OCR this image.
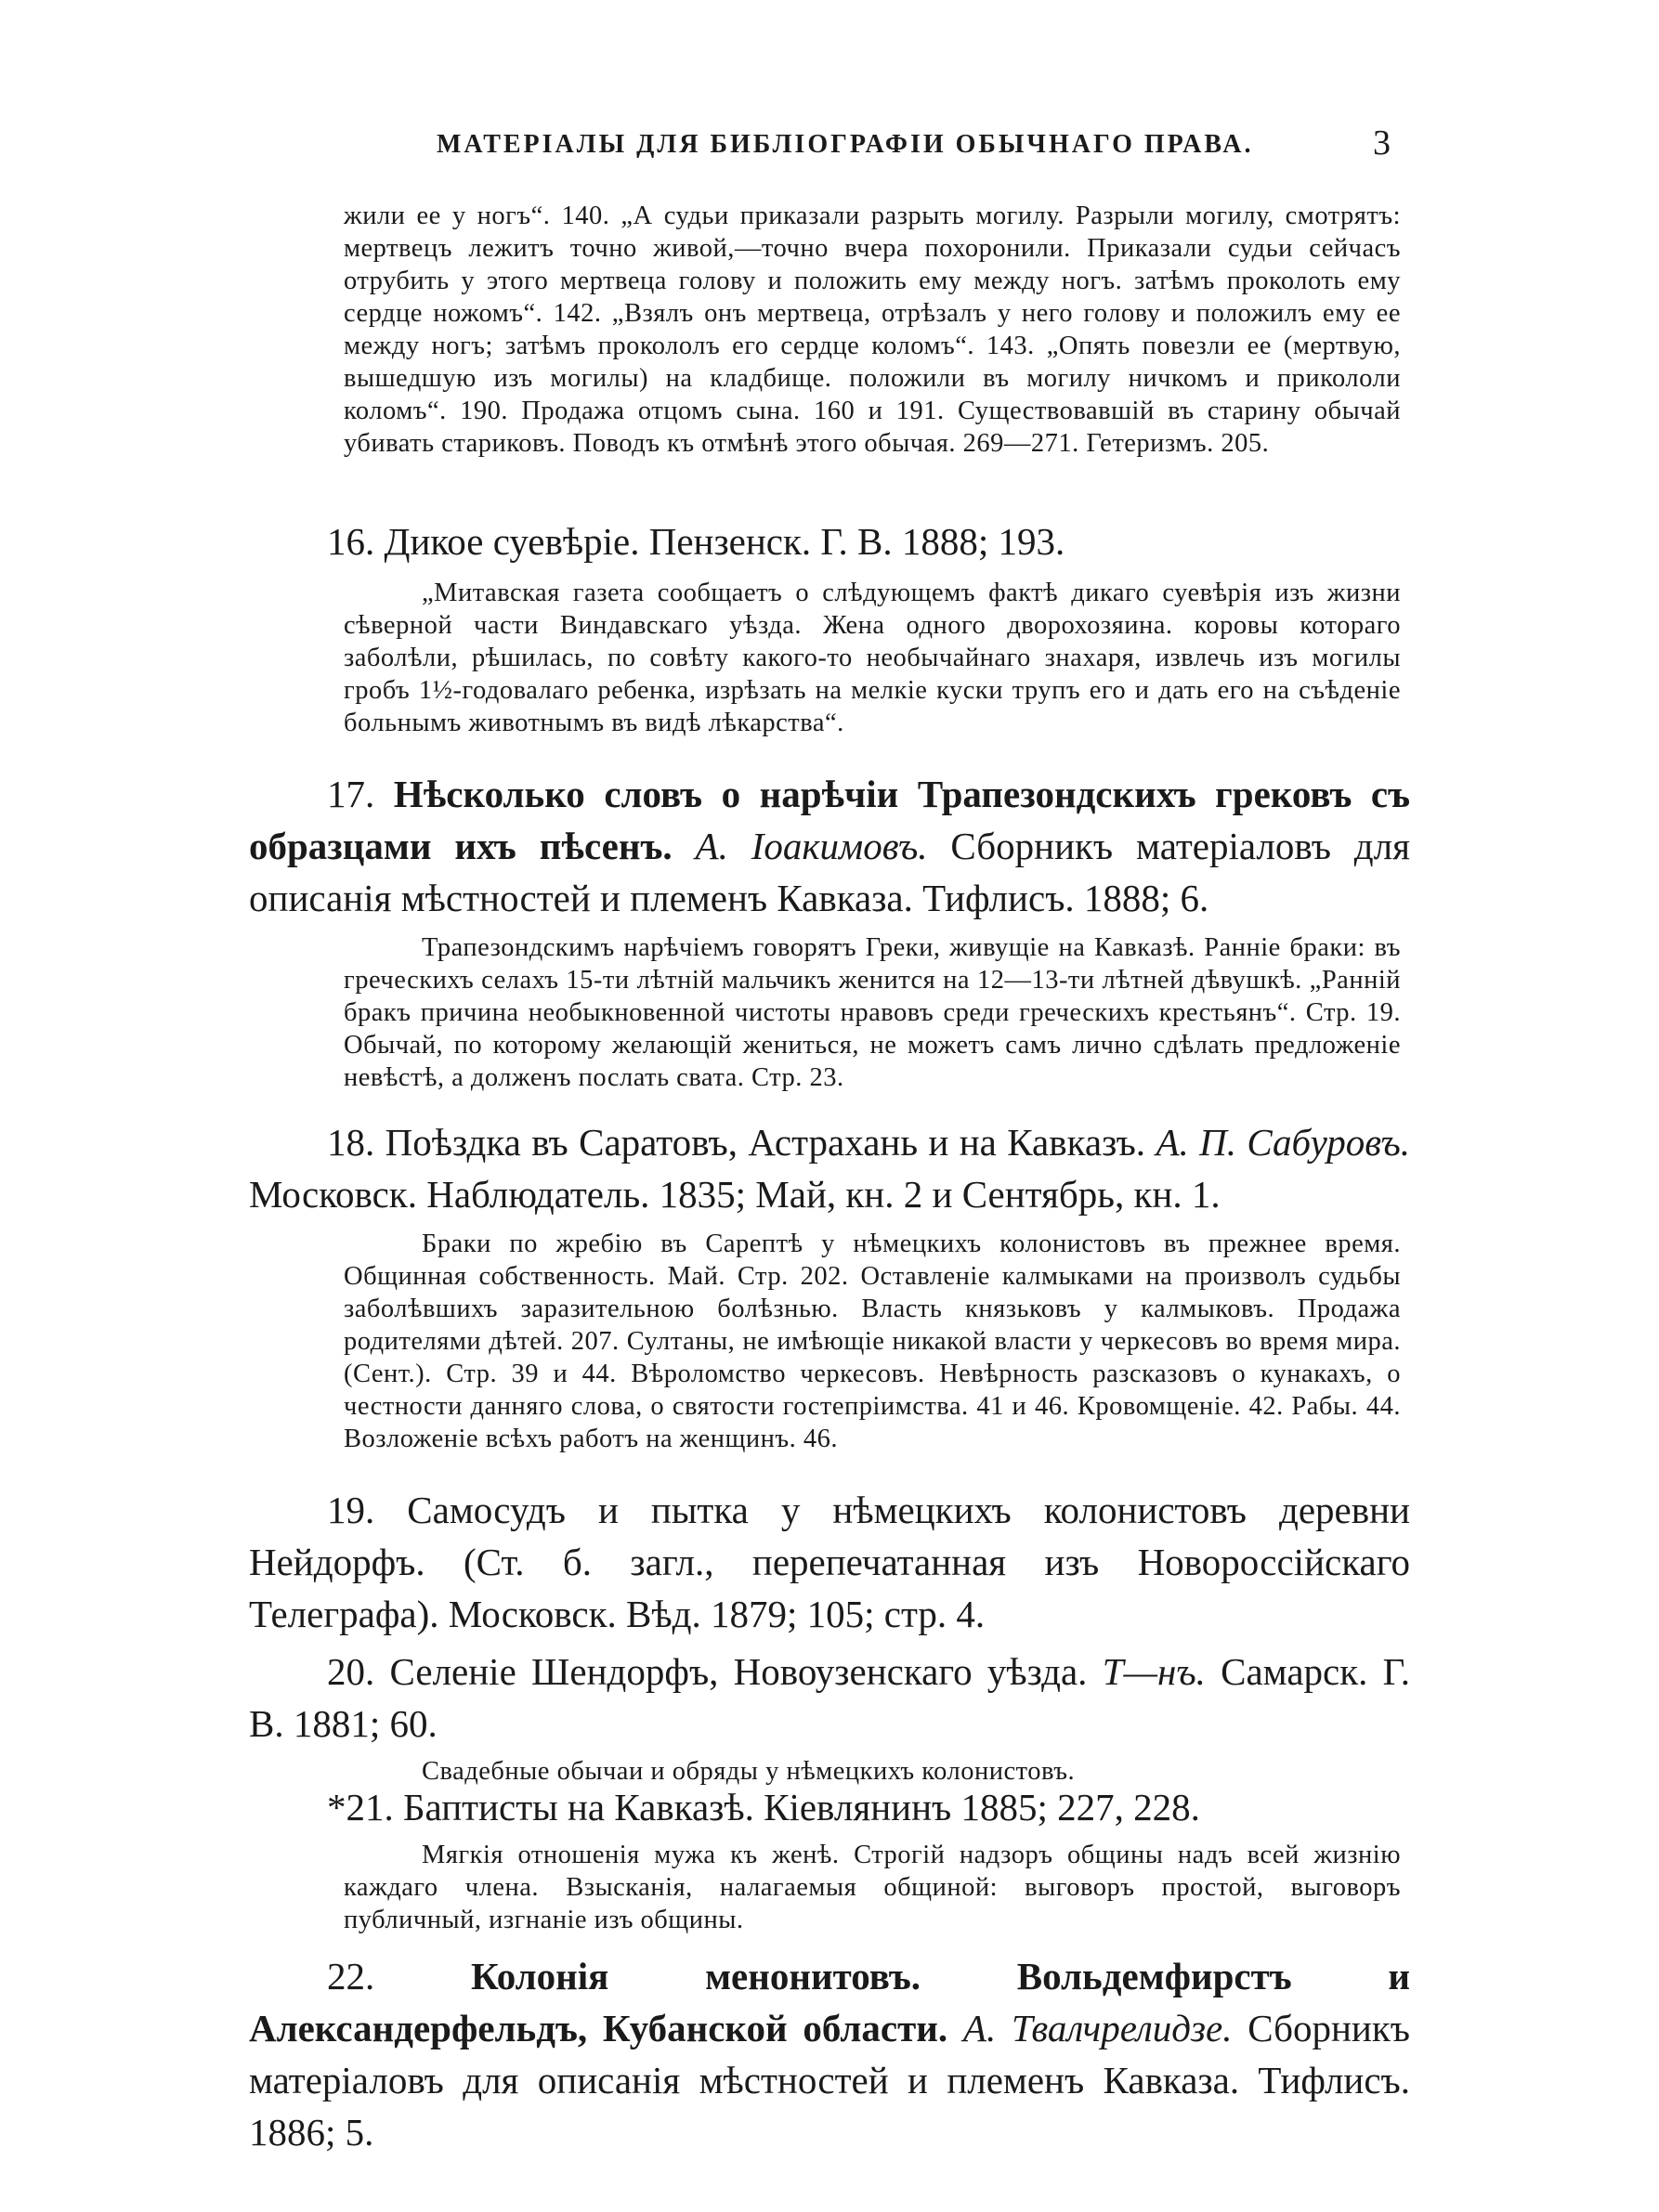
МАТЕРІАЛЫ ДЛЯ БИБЛІОГРАФІИ ОБЫЧНАГО ПРАВА.	3
жили ее у ногъ“. 140. „А судьи приказали разрыть могилу. Разрыли могилу, смотрятъ: мертвецъ лежитъ точно живой,—точно вчера похоронили. Приказали судьи сейчасъ отрубить у этого мертвеца голову и положить ему между ногъ. затѣмъ проколоть ему сердце ножомъ“. 142. „Взялъ онъ мертвеца, отрѣзалъ у него голову и положилъ ему ее между ногъ; затѣмъ прокололъ его сердце коломъ“. 143. „Опять повезли ее (мертвую, вышедшую изъ могилы) на кладбище. положили въ могилу ничкомъ и прикололи коломъ“. 190. Продажа отцомъ сына. 160 и 191. Существовавшій въ старину обычай убивать стариковъ. Поводъ къ отмѣнѣ этого обычая. 269—271. Гетеризмъ. 205.
16. Дикое суевѣріе. Пензенск. Г. В. 1888; 193.
„Митавская газета сообщаетъ о слѣдующемъ фактѣ дикаго суевѣрія изъ жизни сѣверной части Виндавскаго уѣзда. Жена одного дворохозяина. коровы котораго заболѣли, рѣшилась, по совѣту какого-то необычайнаго знахаря, извлечь изъ могилы гробъ 1½-годовалаго ребенка, изрѣзать на мелкіе куски трупъ его и дать его на съѣденіе больнымъ животнымъ въ видѣ лѣкарства“.
17. Нѣсколько словъ о нарѣчіи Трапезондскихъ грековъ съ образцами ихъ пѣсенъ. А. Іоакимовъ. Сборникъ матеріаловъ для описанія мѣстностей и племенъ Кавказа. Тифлисъ. 1888; 6.
Трапезондскимъ нарѣчіемъ говорятъ Греки, живущіе на Кавказѣ. Ранніе браки: въ греческихъ селахъ 15-ти лѣтній мальчикъ женится на 12—13-ти лѣтней дѣвушкѣ. „Ранній бракъ причина необыкновенной чистоты нравовъ среди греческихъ крестьянъ“. Стр. 19. Обычай, по которому желающій жениться, не можетъ самъ лично сдѣлать предложеніе невѣстѣ, а долженъ послать свата. Стр. 23.
18. Поѣздка въ Саратовъ, Астрахань и на Кавказъ. А. П. Сабуровъ. Московск. Наблюдатель. 1835; Май, кн. 2 и Сентябрь, кн. 1.
Браки по жребію въ Сарептѣ у нѣмецкихъ колонистовъ въ прежнее время. Общинная собственность. Май. Стр. 202. Оставленіе калмыками на произволъ судьбы заболѣвшихъ заразительною болѣзнью. Власть князьковъ у калмыковъ. Продажа родителями дѣтей. 207. Султаны, не имѣющіе никакой власти у черкесовъ во время мира. (Сент.). Стр. 39 и 44. Вѣроломство черкесовъ. Невѣрность разсказовъ о кунакахъ, о честности данняго слова, о святости гостепріимства. 41 и 46. Кровомщеніе. 42. Рабы. 44. Возложеніе всѣхъ работъ на женщинъ. 46.
19. Самосудъ и пытка у нѣмецкихъ колонистовъ деревни Нейдорфъ. (Ст. б. загл., перепечатанная изъ Новороссійскаго Телеграфа). Московск. Вѣд. 1879; 105; стр. 4.
20. Селеніе Шендорфъ, Новоузенскаго уѣзда. Т—нъ. Самарск. Г. В. 1881; 60.
Свадебные обычаи и обряды у нѣмецкихъ колонистовъ.
*21. Баптисты на Кавказѣ. Кіевлянинъ 1885; 227, 228.
Мягкія отношенія мужа къ женѣ. Строгій надзоръ общины надъ всей жизнію каждаго члена. Взысканія, налагаемыя общиной: выговоръ простой, выговоръ публичный, изгнаніе изъ общины.
22.	Колонія менонитовъ. Вольдемфирстъ и Александерфельдъ, Кубанской области. А. Твалчрелидзе. Сборникъ матеріаловъ для описанія мѣстностей и племенъ Кавказа. Тифлисъ. 1886; 5.
